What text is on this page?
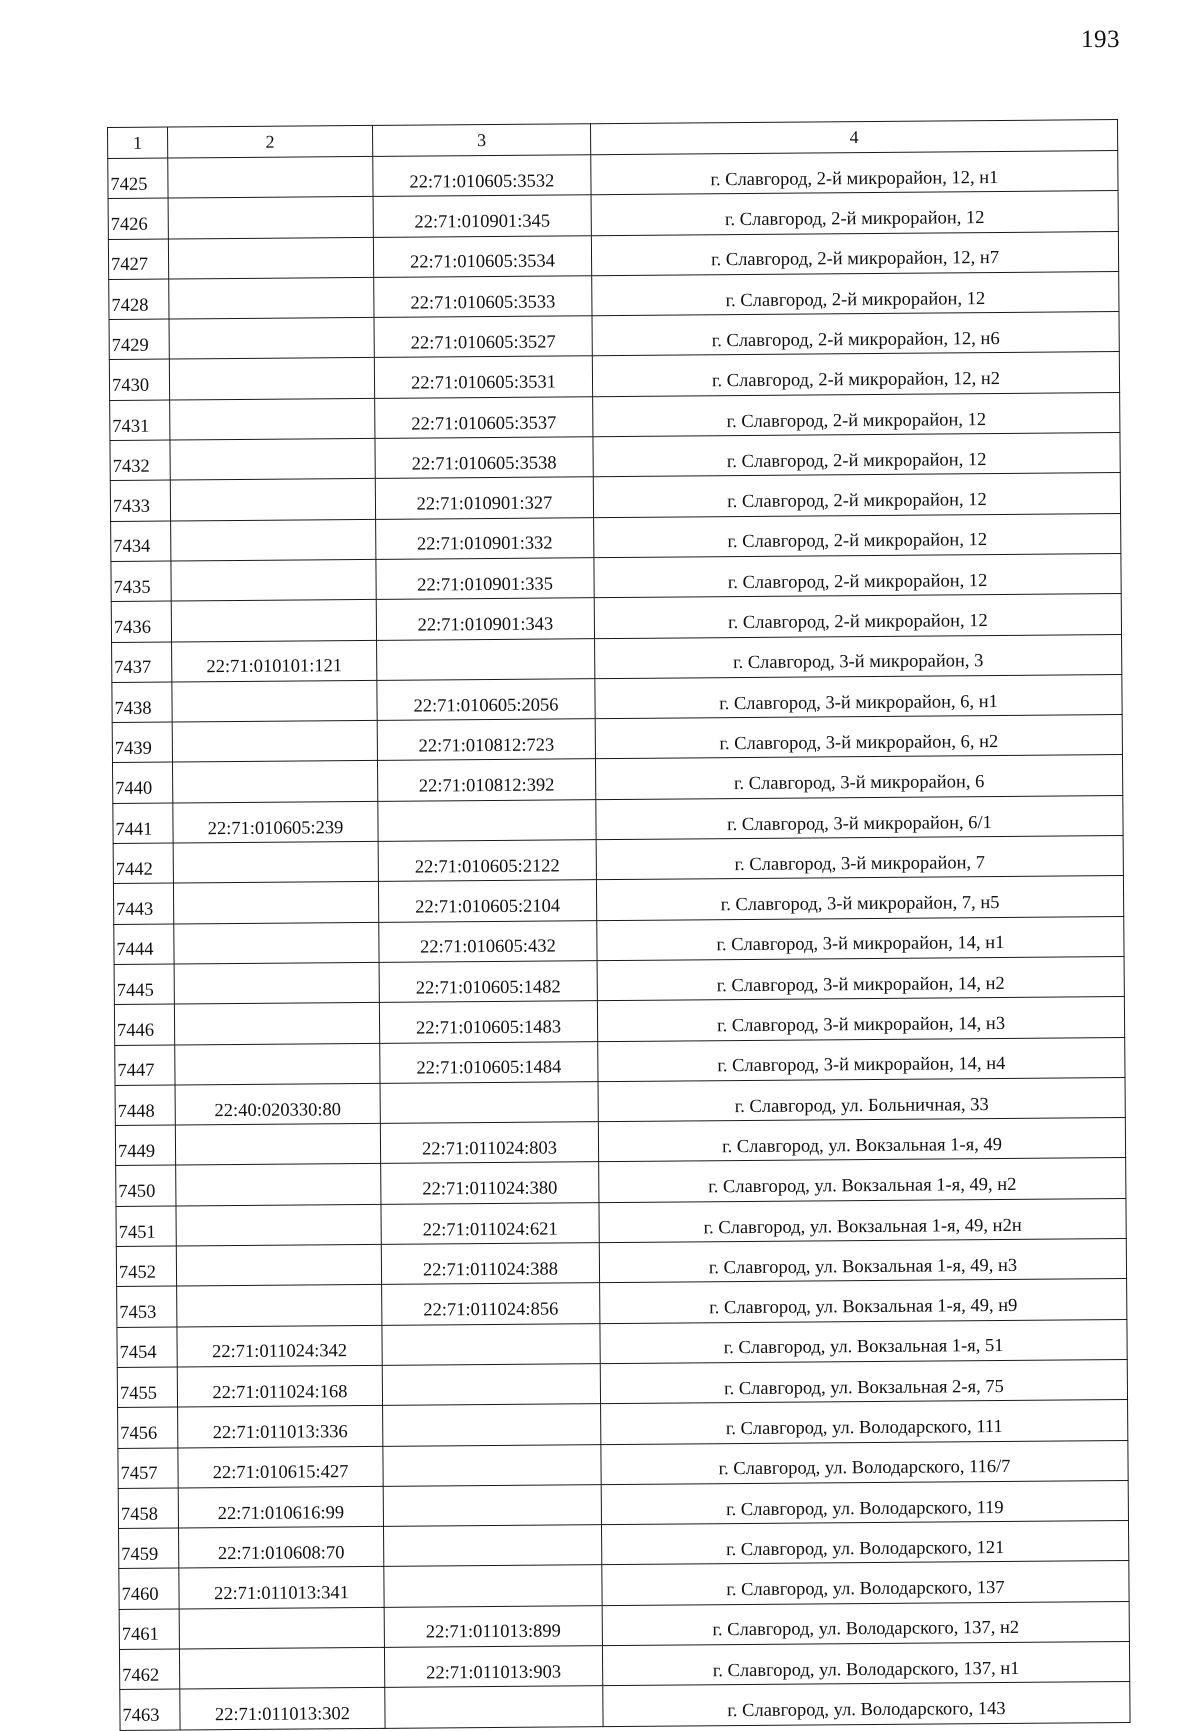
193
1	2	3	4
7425		22:71:010605:3532	г. Славгород, 2-й микрорайон, 12, н1
7426		22:71:010901:345	г. Славгород, 2-й микрорайон, 12
7427		22:71:010605:3534	г. Славгород, 2-й микрорайон, 12, н7
7428		22:71:010605:3533	г. Славгород, 2-й микрорайон, 12
7429		22:71:010605:3527	г. Славгород, 2-й микрорайон, 12, н6
7430		22:71:010605:3531	г. Славгород, 2-й микрорайон, 12, н2
7431		22:71:010605:3537	г. Славгород, 2-й микрорайон, 12
7432		22:71:010605:3538	г. Славгород, 2-й микрорайон, 12
7433		22:71:010901:327	г. Славгород, 2-й микрорайон, 12
7434		22:71:010901:332	г. Славгород, 2-й микрорайон, 12
7435		22:71:010901:335	г. Славгород, 2-й микрорайон, 12
7436		22:71:010901:343	г. Славгород, 2-й микрорайон, 12
7437	22:71:010101:121		г. Славгород, 3-й микрорайон, 3
7438		22:71:010605:2056	г. Славгород, 3-й микрорайон, 6, н1
7439		22:71:010812:723	г. Славгород, 3-й микрорайон, 6, н2
7440		22:71:010812:392	г. Славгород, 3-й микрорайон, 6
7441	22:71:010605:239		г. Славгород, 3-й микрорайон, 6/1
7442		22:71:010605:2122	г. Славгород, 3-й микрорайон, 7
7443		22:71:010605:2104	г. Славгород, 3-й микрорайон, 7, н5
7444		22:71:010605:432	г. Славгород, 3-й микрорайон, 14, н1
7445		22:71:010605:1482	г. Славгород, 3-й микрорайон, 14, н2
7446		22:71:010605:1483	г. Славгород, 3-й микрорайон, 14, н3
7447		22:71:010605:1484	г. Славгород, 3-й микрорайон, 14, н4
7448	22:40:020330:80		г. Славгород, ул. Больничная, 33
7449		22:71:011024:803	г. Славгород, ул. Вокзальная 1-я, 49
7450		22:71:011024:380	г. Славгород, ул. Вокзальная 1-я, 49, н2
7451		22:71:011024:621	г. Славгород, ул. Вокзальная 1-я, 49, н2н
7452		22:71:011024:388	г. Славгород, ул. Вокзальная 1-я, 49, н3
7453		22:71:011024:856	г. Славгород, ул. Вокзальная 1-я, 49, н9
7454	22:71:011024:342		г. Славгород, ул. Вокзальная 1-я, 51
7455	22:71:011024:168		г. Славгород, ул. Вокзальная 2-я, 75
7456	22:71:011013:336		г. Славгород, ул. Володарского, 111
7457	22:71:010615:427		г. Славгород, ул. Володарского, 116/7
7458	22:71:010616:99		г. Славгород, ул. Володарского, 119
7459	22:71:010608:70		г. Славгород, ул. Володарского, 121
7460	22:71:011013:341		г. Славгород, ул. Володарского, 137
7461		22:71:011013:899	г. Славгород, ул. Володарского, 137, н2
7462		22:71:011013:903	г. Славгород, ул. Володарского, 137, н1
7463	22:71:011013:302		г. Славгород, ул. Володарского, 143
